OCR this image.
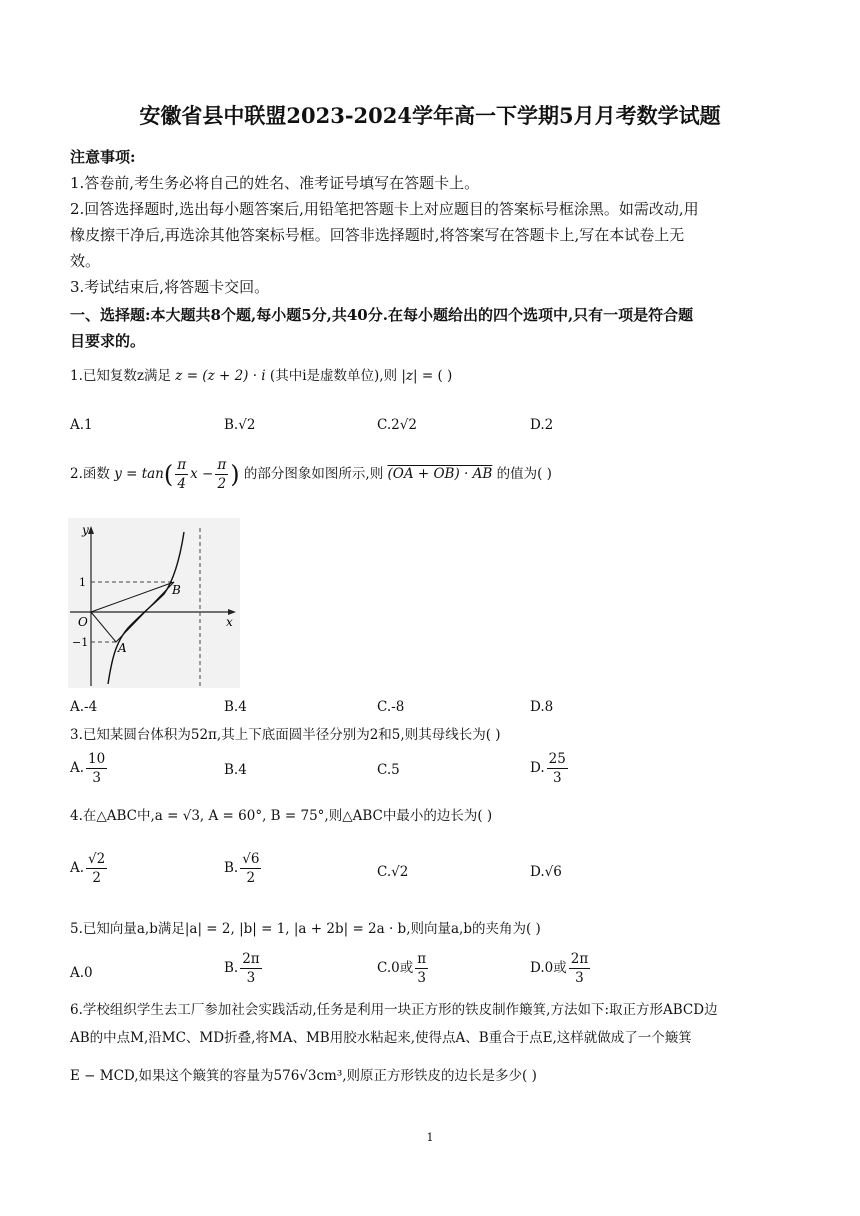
安徽省县中联盟2023-2024学年高一下学期5月月考数学试题
注意事项:
1.答卷前,考生务必将自己的姓名、准考证号填写在答题卡上。
2.回答选择题时,选出每小题答案后,用铅笔把答题卡上对应题目的答案标号框涂黑。如需改动,用
橡皮擦干净后,再选涂其他答案标号框。回答非选择题时,将答案写在答题卡上,写在本试卷上无
效。
3.考试结束后,将答题卡交回。
一、选择题:本大题共8个题,每小题5分,共40分.在每小题给出的四个选项中,只有一项是符合题
目要求的。
1.已知复数z满足 z = (z + 2) · i (其中i是虚数单位),则 |z| = ( )
A.1	B.√2	C.2√2	D.2
2.函数 $y = \tan( \frac{\pi}{4}$ $x - \frac{\pi}{2}$ ) 的部分图象如图所示,则 (OA + OB) · AB 的值为( )
y
x
O
1
−1 A
B
A.-4	B.4	C.-8	D.8
3.已知某圆台体积为52π,其上下底面圆半径分别为2和5,则其母线长为( )
A. $\frac{10}{3}$	B.4	C.5	D. $\frac{25}{3}$
4.在△ABC中,a = √3, A = 60°, B = 75°,则△ABC中最小的边长为( )
A. $\frac{√2}{2}$	B. $\frac{√6}{2}$	C.√2	D.√6
5.已知向量a,b满足|a| = 2, |b| = 1, |a + 2b| = 2a · b,则向量a,b的夹角为( )
A.0	B. $\frac{2\pi}{3}$	C.0或 $\frac{\pi}{3}$	D.0或 $\frac{2\pi}{3}$
6.学校组织学生去工厂参加社会实践活动,任务是利用一块正方形的铁皮制作簸箕,方法如下:取正方形ABCD边
AB的中点M,沿MC、MD折叠,将MA、MB用胶水粘起来,使得点A、B重合于点E,这样就做成了一个簸箕
E − MCD,如果这个簸箕的容量为576√3cm³,则原正方形铁皮的边长是多少( )
1
